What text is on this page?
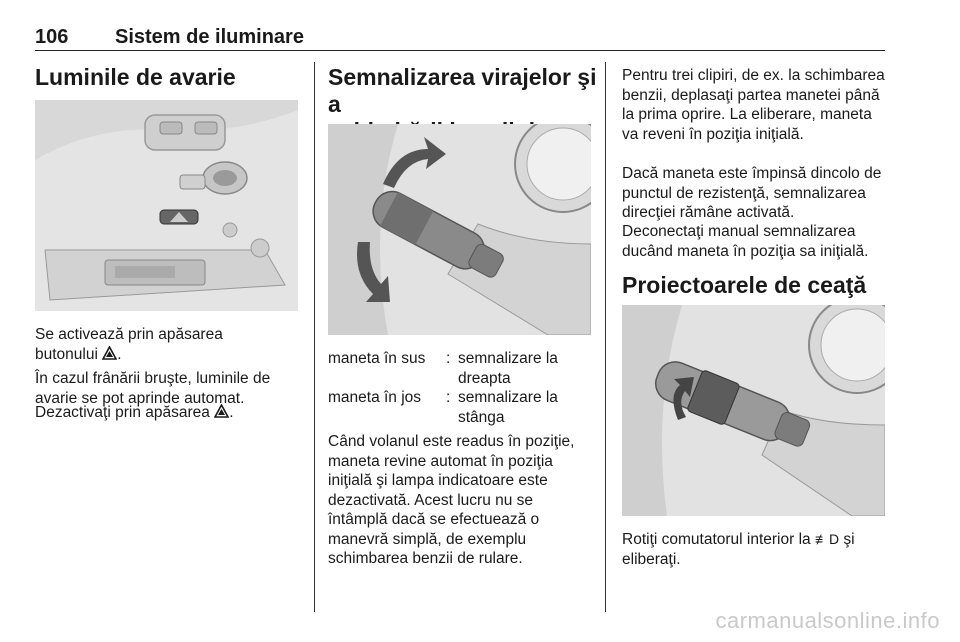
106 Sistem de iluminare
Luminile de avarie

Se activează prin apăsarea
butonului .

În cazul frânării bruşte, luminile de avarie se pot aprinde automat.

Dezactivaţi prin apăsarea .

Semnalizarea virajelor şi a

maneta în sus : semnalizare la
dreapta
maneta în jos : semnalizare la
stânga

Când volanul este readus în poziţie, maneta revine automat în poziţia iniţială şi lampa indicatoare este dezactivată. Acest lucru nu se întâmplă dacă se efectuează o manevră simplă, de exemplu schimbarea benzii de rulare.

Pentru trei clipiri, de ex. la schimbarea benzii, deplasaţi partea manetei până la prima oprire. La eliberare, maneta va reveni în poziţia iniţială.

Dacă maneta este împinsă dincolo de punctul de rezistenţă, semnalizarea direcţiei rămâne activată.

Deconectaţi manual semnalizarea ducând maneta în poziţia sa iniţială.

Proiectoarele de ceaţă

Rotiţi comutatorul interior la ≢D şi
eliberaţi.

carmanualsonline.info
